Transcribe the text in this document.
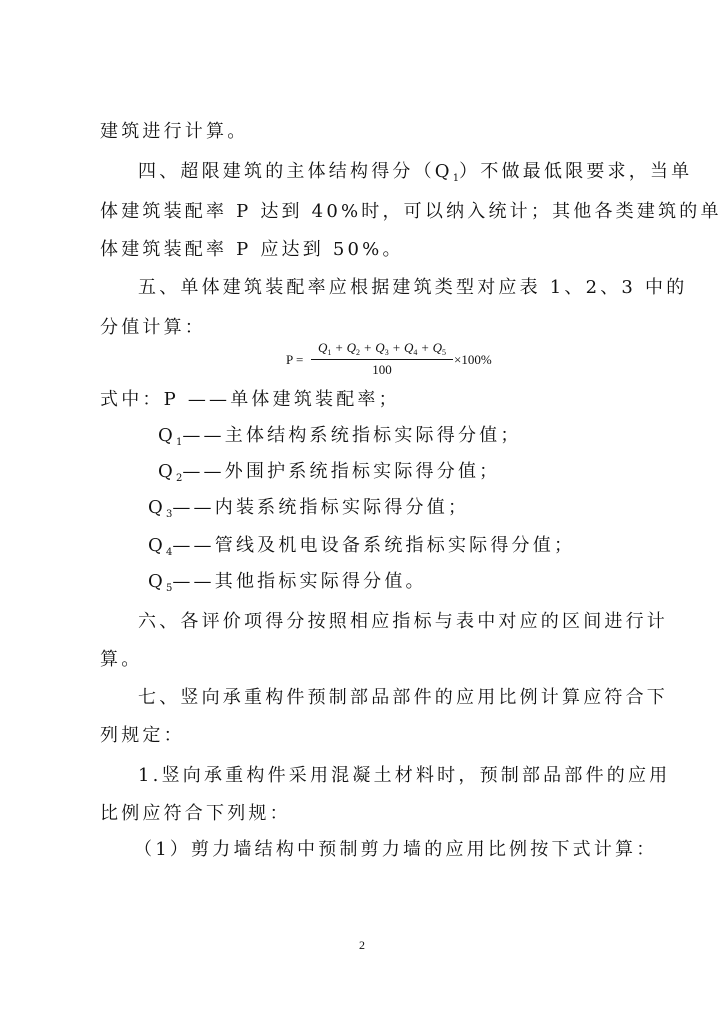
建筑进行计算。
四、超限建筑的主体结构得分$(Q_1)$不做最低限要求，当单
体建筑装配率 P 达到 40%时，可以纳入统计；其他各类建筑的单
体建筑装配率 P 应达到 50%。
五、单体建筑装配率应根据建筑类型对应表 1、2、3 中的
分值计算：
$P = \frac{Q_1 + Q_2 + Q_3 + Q_4 + Q_5}{100} \times 100\%$
式中：P ——单体建筑装配率；
$Q_1——$主体结构系统指标实际得分值；
$Q_2——$外围护系统指标实际得分值；
$Q_3——$内装系统指标实际得分值；
$Q_4——$管线及机电设备系统指标实际得分值；
$Q_5——$其他指标实际得分值。
六、各评价项得分按照相应指标与表中对应的区间进行计
算。
七、竖向承重构件预制部品部件的应用比例计算应符合下
列规定：
1.竖向承重构件采用混凝土材料时，预制部品部件的应用
比例应符合下列规：
（1）剪力墙结构中预制剪力墙的应用比例按下式计算：
2
